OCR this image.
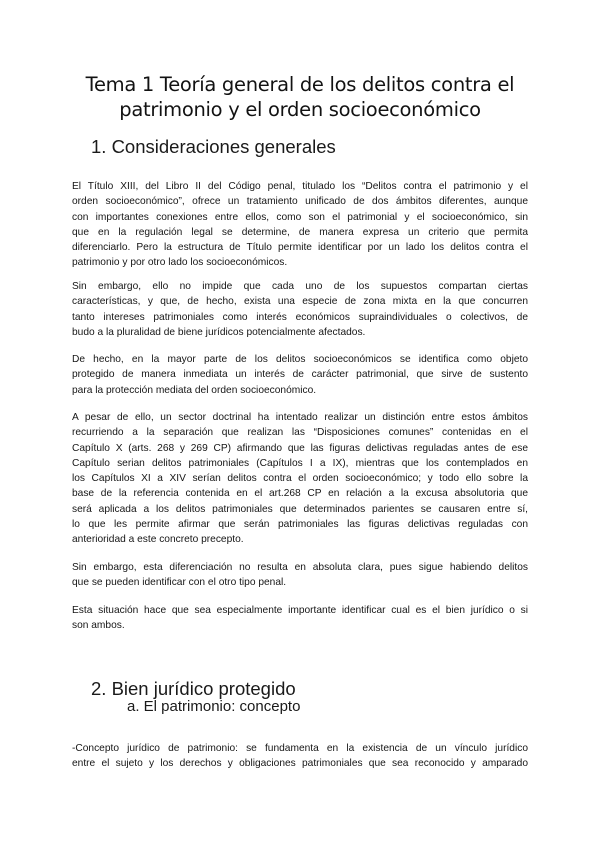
Tema 1 Teoría general de los delitos contra el
patrimonio y el orden socioeconómico
1. Consideraciones generales
El Título XIII, del Libro II del Código penal, titulado los “Delitos contra el patrimonio y el
orden socioeconómico”, ofrece un tratamiento unificado de dos ámbitos diferentes, aunque
con importantes conexiones entre ellos, como son el patrimonial y el socioeconómico, sin
que en la regulación legal se determine, de manera expresa un criterio que permita
diferenciarlo. Pero la estructura de Título permite identificar por un lado los delitos contra el
patrimonio y por otro lado los socioeconómicos.
Sin embargo, ello no impide que cada uno de los supuestos compartan ciertas
características, y que, de hecho, exista una especie de zona mixta en la que concurren
tanto intereses patrimoniales como interés económicos supraindividuales o colectivos, de
budo a la pluralidad de biene jurídicos potencialmente afectados.
De hecho, en la mayor parte de los delitos socioeconómicos se identifica como objeto
protegido de manera inmediata un interés de carácter patrimonial, que sirve de sustento
para la protección mediata del orden socioeconómico.
A pesar de ello, un sector doctrinal ha intentado realizar un distinción entre estos ámbitos
recurriendo a la separación que realizan las “Disposiciones comunes” contenidas en el
Capítulo X (arts. 268 y 269 CP) afirmando que las figuras delictivas reguladas antes de ese
Capítulo serian delitos patrimoniales (Capítulos I a IX), mientras que los contemplados en
los Capítulos XI a XIV serían delitos contra el orden socioeconómico; y todo ello sobre la
base de la referencia contenida en el art.268 CP en relación a la excusa absolutoria que
será aplicada a los delitos patrimoniales que determinados parientes se causaren entre sí,
lo que les permite afirmar que serán patrimoniales las figuras delictivas reguladas con
anterioridad a este concreto precepto.
Sin embargo, esta diferenciación no resulta en absoluta clara, pues sigue habiendo delitos
que se pueden identificar con el otro tipo penal.
Esta situación hace que sea especialmente importante identificar cual es el bien jurídico o si
son ambos.
2. Bien jurídico protegido
a. El patrimonio: concepto
-Concepto jurídico de patrimonio: se fundamenta en la existencia de un vínculo jurídico
entre el sujeto y los derechos y obligaciones patrimoniales que sea reconocido y amparado
